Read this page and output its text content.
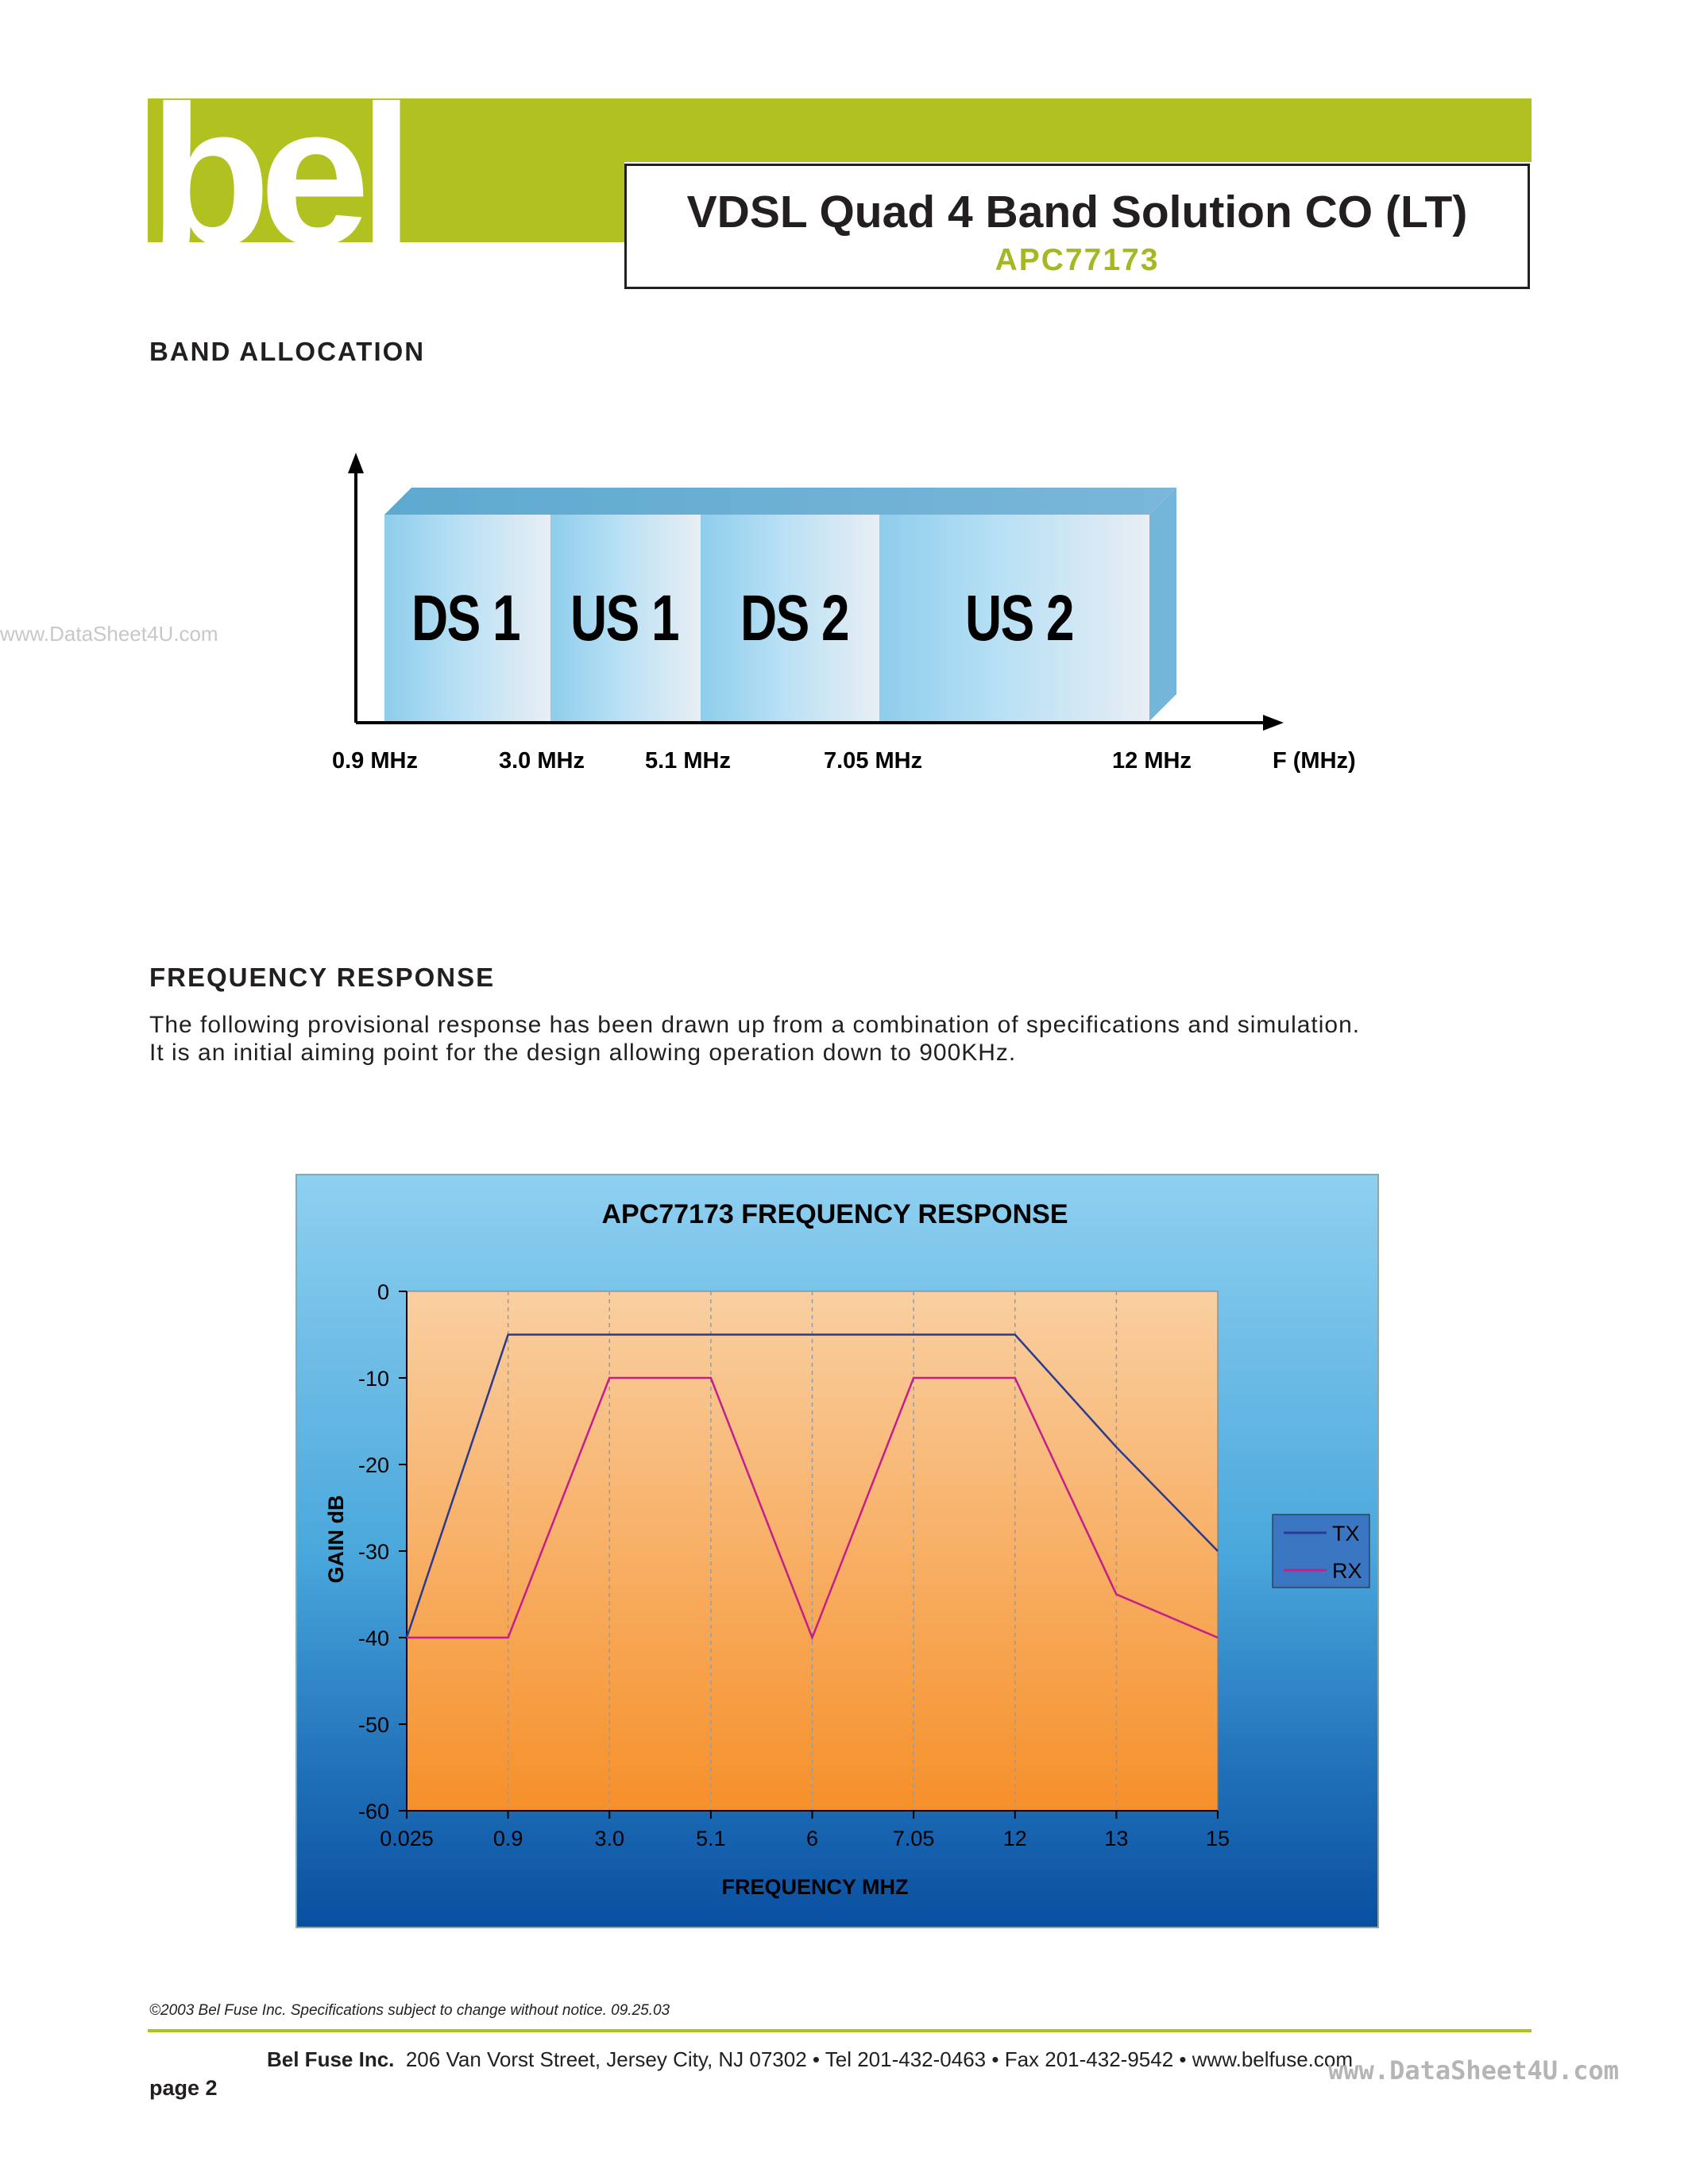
bel	VDSL Quad 4 Band Solution CO (LT)
APC77173
www.DataSheet4U.com
BAND ALLOCATION
DS 1 US 1 DS 2 US 2
0.9 MHz	3.0 MHz	5.1 MHz	7.05 MHz	12 MHz	F (MHz)
FREQUENCY RESPONSE
The following provisional response has been drawn up from a combination of specifications and simulation.
It is an initial aiming point for the design allowing operation down to 900KHz.
APC77173 FREQUENCY RESPONSE
GAIN dB
FREQUENCY MHZ
0
-10
-20
-30
-40
-50
-60
0.025	0.9	3.0	5.1	6	7.05	12	13	15
TX
RX
©2003 Bel Fuse Inc. Specifications subject to change without notice. 09.25.03
Bel Fuse Inc. 206 Van Vorst Street, Jersey City, NJ 07302 • Tel 201-432-0463 • Fax 201-432-9542 • www.belfuse.com
www.DataSheet4U.com
page 2
